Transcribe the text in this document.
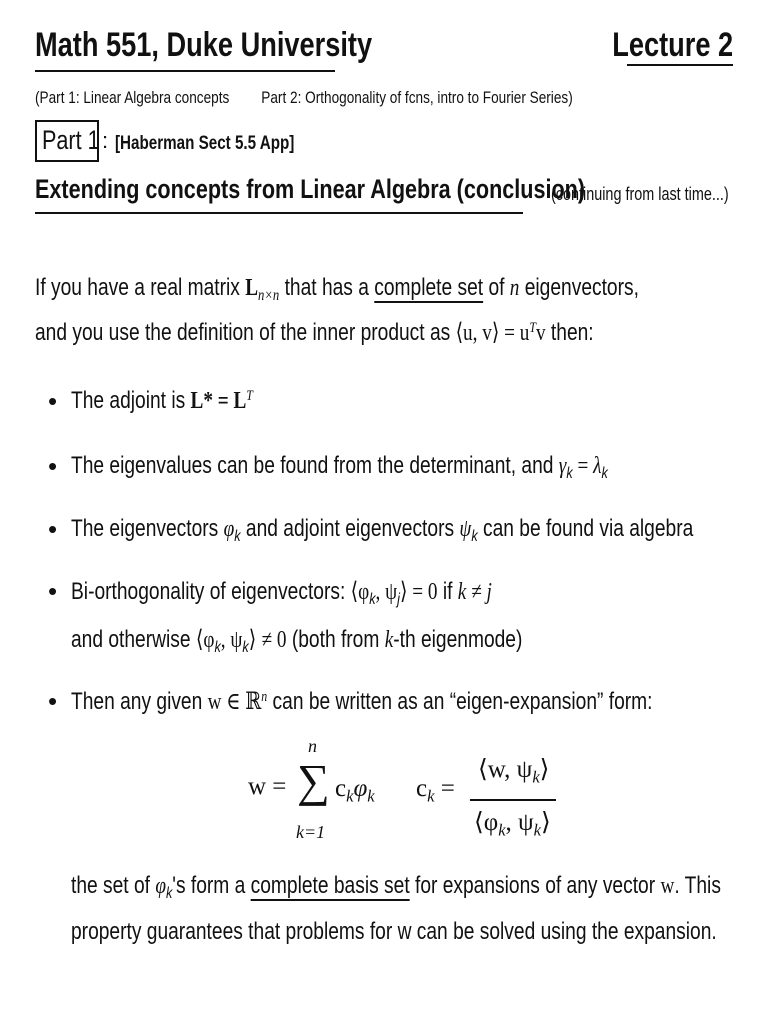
Math 551, Duke University	Lecture 2
(Part 1: Linear Algebra concepts Part 2: Orthogonality of fcns, intro to Fourier Series)
Part 1 : [Haberman Sect 5.5 App]
Extending concepts from Linear Algebra (conclusion)
(continuing from last time...)
If you have a real matrix $L_{n\times n}$ that has a complete set of n eigenvectors,
and you use the definition of the inner product as ⟨u, v⟩ = $u^Tv$ then:
• The adjoint is $L* = L^T$
• The eigenvalues can be found from the determinant, and $\gamma_k = \lambda_k$
• The eigenvectors $\varphi_k$ and adjoint eigenvectors $\psi_k$ can be found via algebra
• Bi-orthogonality of eigenvectors: $⟨\varphi_k$, $\psi_j⟩ = 0$ if k ≠ j
and otherwise $⟨\varphi_k$, $\psi_k⟩ \ne 0$ (both from k-th eigenmode)
• Then any given w ∈ ℝ$^n$ can be written as an “eigen-expansion” form:
n
w = ∑
k=1
$c_k\varphi_k$ $c_k$ =
⟨w, $\psi_k⟩$
$⟨\varphi_k$, $\psi_k⟩$
the set of $\varphi_k's$ form a complete basis set for expansions of any vector w. This
property guarantees that problems for w can be solved using the expansion.
